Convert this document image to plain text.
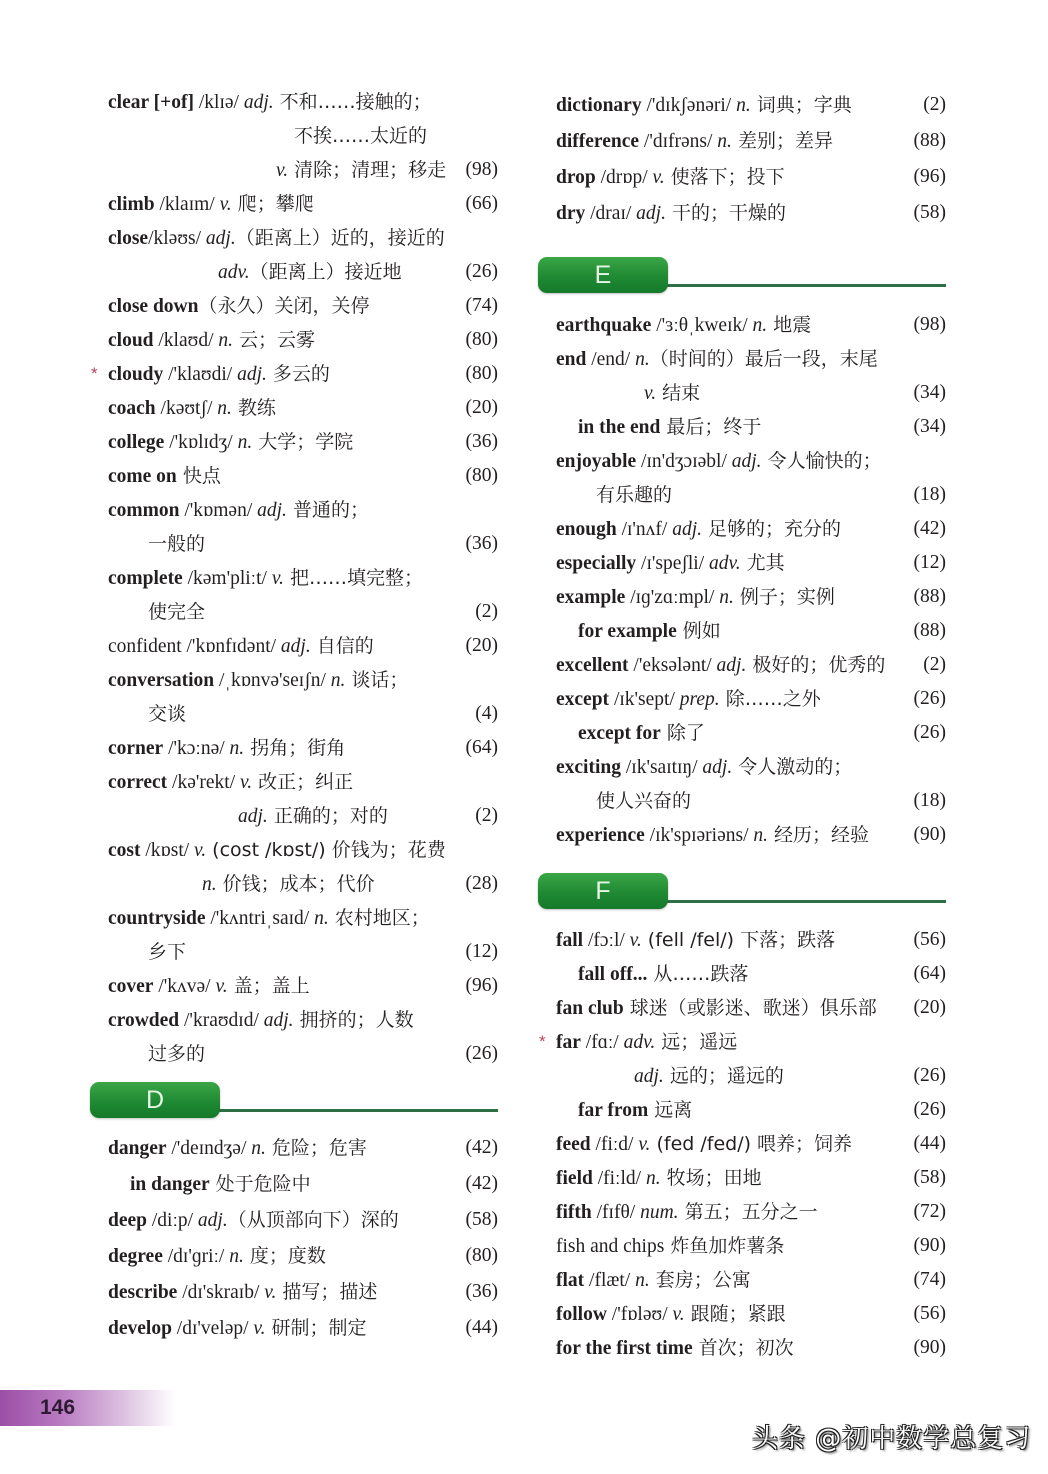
clear [+of] /klɪə/ adj. 不和……接触的；
不挨……太近的
v. 清除；清理；移走 (98)
climb /klaɪm/ v. 爬；攀爬	(66)
close/kləʊs/ adj.（距离上）近的，接近的
adv.（距离上）接近地	(26)
close down（永久）关闭，关停	(74)
cloud /klaʊd/ n. 云；云雾	(80)
* cloudy /'klaʊdi/ adj. 多云的	(80)
coach /kəʊtʃ/ n. 教练	(20)
college /'kɒlɪdʒ/ n. 大学；学院	(36)
come on 快点	(80)
common /'kɒmən/ adj. 普通的；
一般的	(36)
complete /kəm'pliːt/ v. 把……填完整；
使完全	(2)
confident /'kɒnfɪdənt/ adj. 自信的	(20)
conversation /ˌkɒnvə'seɪʃn/ n. 谈话；
交谈	(4)
corner /'kɔːnə/ n. 拐角；街角	(64)
correct /kə'rekt/ v. 改正；纠正
adj. 正确的；对的	(2)
cost /kɒst/ v. (cost /kɒst/) 价钱为；花费
n. 价钱；成本；代价	(28)
countryside /'kʌntriˌsaɪd/ n. 农村地区；
乡下	(12)
cover /'kʌvə/ v. 盖；盖上	(96)
crowded /'kraʊdɪd/ adj. 拥挤的；人数
过多的	(26)
D
danger /'deɪndʒə/ n. 危险；危害	(42)
in danger 处于危险中	(42)
deep /diːp/ adj.（从顶部向下）深的	(58)
degree /dɪ'ɡriː/ n. 度；度数	(80)
describe /dɪ'skraɪb/ v. 描写；描述	(36)
develop /dɪ'veləp/ v. 研制；制定	(44)
dictionary /'dɪkʃənəri/ n. 词典；字典	(2)
difference /'dɪfrəns/ n. 差别；差异	(88)
drop /drɒp/ v. 使落下；投下	(96)
dry /draɪ/ adj. 干的；干燥的	(58)
E
earthquake /'ɜːθˌkweɪk/ n. 地震	(98)
end /end/ n.（时间的）最后一段，末尾
v. 结束	(34)
in the end 最后；终于	(34)
enjoyable /ɪn'dʒɔɪəbl/ adj. 令人愉快的；
有乐趣的	(18)
enough /ɪ'nʌf/ adj. 足够的；充分的	(42)
especially /ɪ'speʃli/ adv. 尤其	(12)
example /ɪɡ'zɑːmpl/ n. 例子；实例	(88)
for example 例如	(88)
excellent /'eksələnt/ adj. 极好的；优秀的 (2)
except /ɪk'sept/ prep. 除……之外	(26)
except for 除了	(26)
exciting /ɪk'saɪtɪŋ/ adj. 令人激动的；
使人兴奋的	(18)
experience /ɪk'spɪəriəns/ n. 经历；经验 (90)
F
fall /fɔːl/ v. (fell /fel/) 下落；跌落	(56)
fall off... 从……跌落	(64)
fan club 球迷（或影迷、歌迷）俱乐部 (20)
* far /fɑː/ adv. 远；遥远
adj. 远的；遥远的	(26)
far from 远离	(26)
feed /fiːd/ v. (fed /fed/) 喂养；饲养	(44)
field /fiːld/ n. 牧场；田地	(58)
fifth /fɪfθ/ num. 第五；五分之一	(72)
fish and chips 炸鱼加炸薯条	(90)
flat /flæt/ n. 套房；公寓	(74)
follow /'fɒləʊ/ v. 跟随；紧跟	(56)
for the first time 首次；初次	(90)
146
头条 @初中数学总复习
